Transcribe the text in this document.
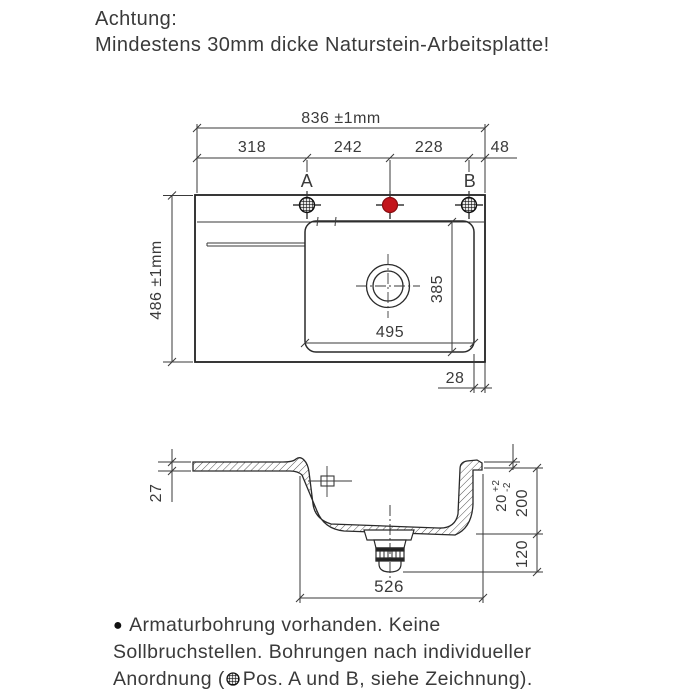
Achtung:
Mindestens 30mm dicke Naturstein-Arbeitsplatte!
836 ±1mm
318	242	228	48
A	B
486 ±1mm
495
385
28
27
20
+2 -2
200
120
526
● Armaturbohrung vorhanden. Keine
Sollbruchstellen. Bohrungen nach individueller
Anordnung ( Pos. A und B, siehe Zeichnung).
